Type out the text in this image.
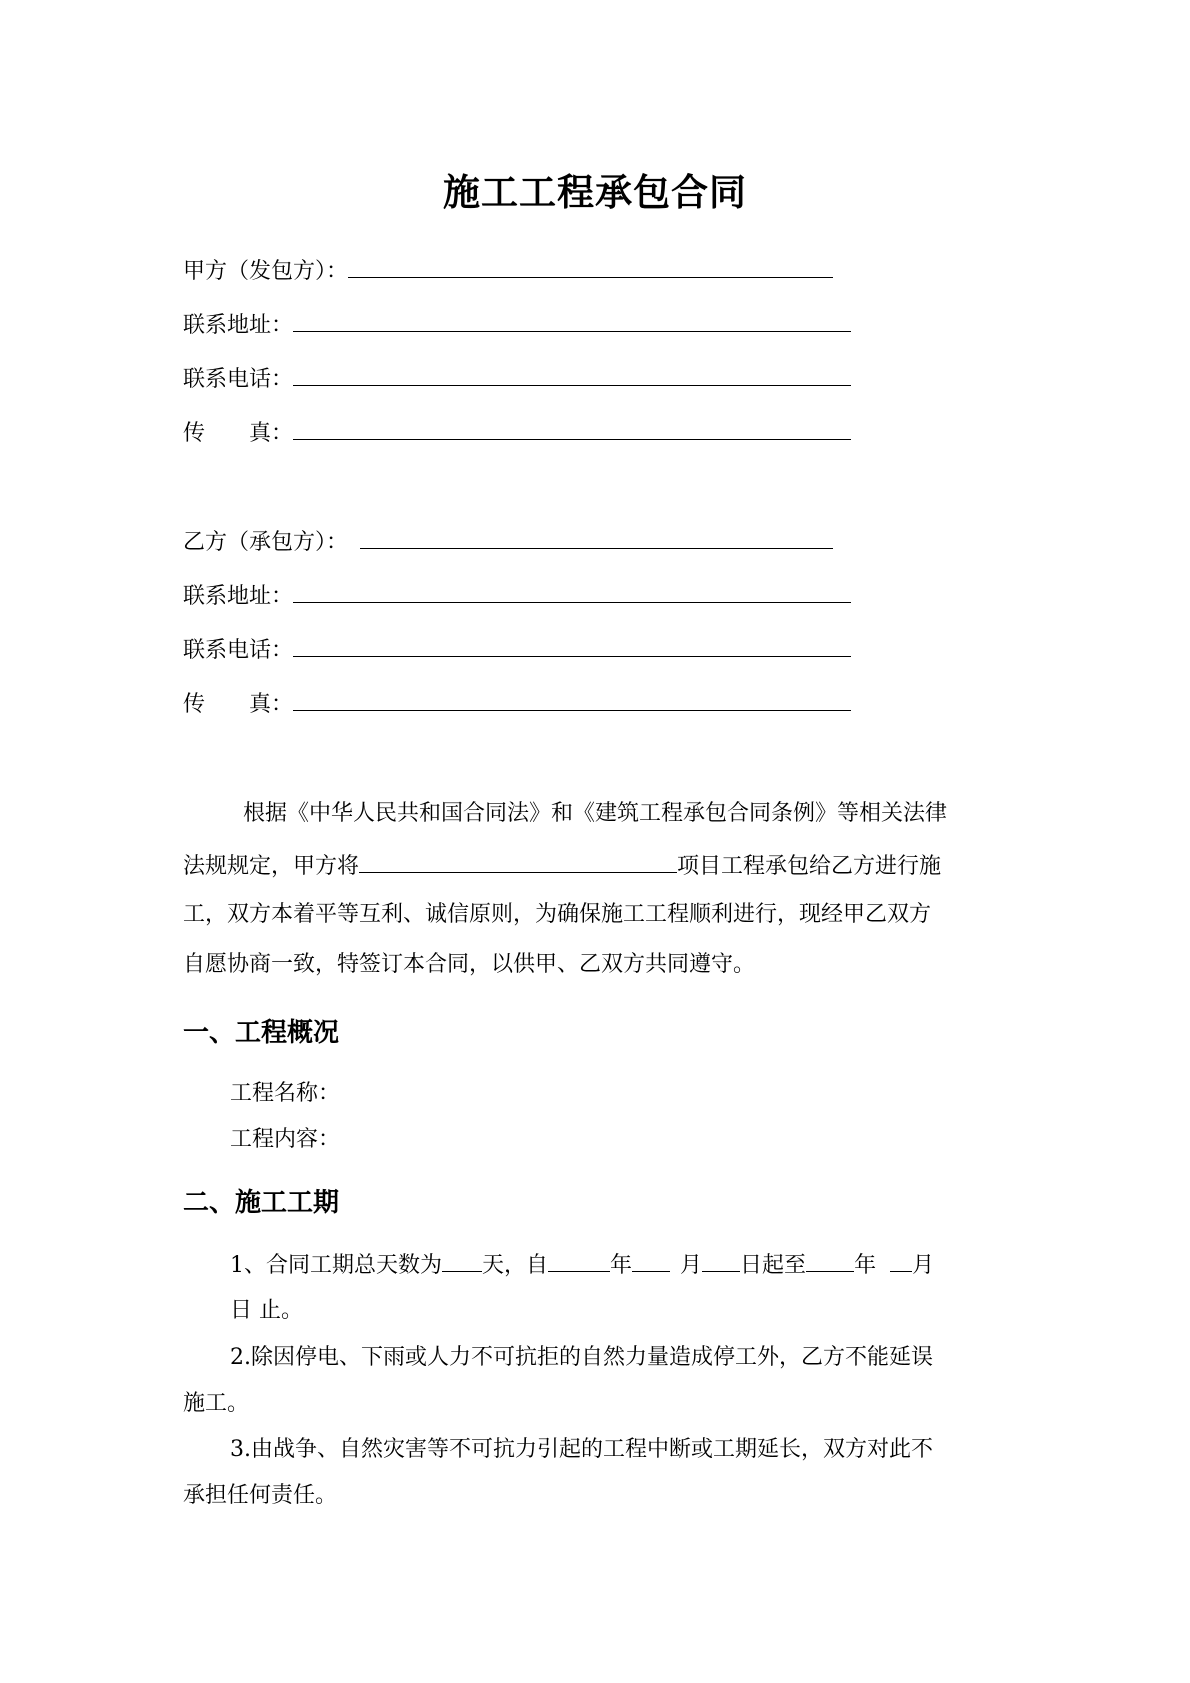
施工工程承包合同
甲方（发包方）：
联系地址：
联系电话：
传　　真：
乙方（承包方）：
联系地址：
联系电话：
传　　真：
根据《中华人民共和国合同法》和《建筑工程承包合同条例》等相关法律
法规规定，甲方将	项目工程承包给乙方进行施
工，双方本着平等互利、诚信原则，为确保施工工程顺利进行，现经甲乙双方
自愿协商一致，特签订本合同，以供甲、乙双方共同遵守。
一、工程概况
工程名称：
工程内容：
二、施工工期
1、合同工期总天数为 天，自	年 月 日起至 年 月
日 止。
2.除因停电、下雨或人力不可抗拒的自然力量造成停工外，乙方不能延误
施工。
3.由战争、自然灾害等不可抗力引起的工程中断或工期延长，双方对此不
承担任何责任。
